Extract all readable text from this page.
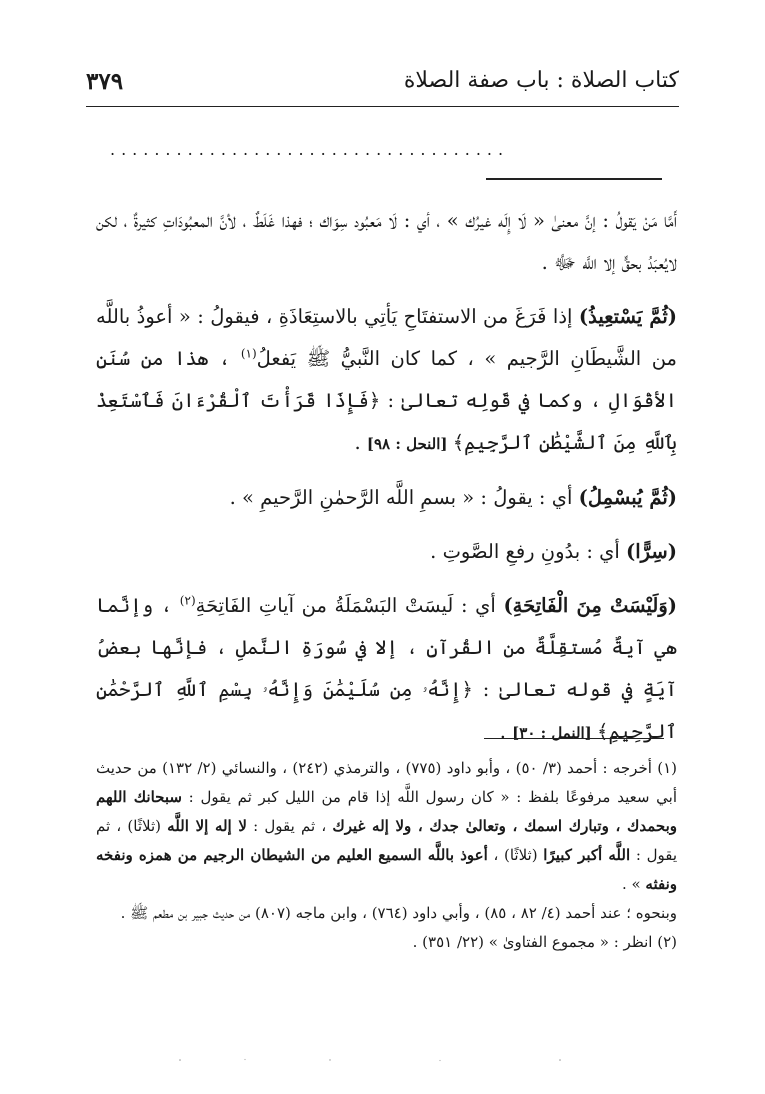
كتاب الصلاة : باب صفة الصلاة
٣٧٩
....................................

أَمَّا مَنْ يَقولُ : إنَّ معنىٰ « لَا إِلَه غيرُك » ، أي : لَا مَعبُود سِوَاك ؛ فهذا غَلَطٌ ، لأنَّ المعبُودَاتِ كثيرةٌ ، لكن لايُعبَدُ بحقٍّ إلا اللَّه ﷻ .

(ثُمَّ يَسْتعِيذُ) إذا فَرَغَ من الاستفتَاحِ يَأتِي بالاستِعَاذَةِ ، فيقولُ : « أعوذُ باللَّه من الشَّيطَانِ الرَّجيم » ، كما كان النَّبيُّ ﷺ يَفعلُ$^{(١)}$ ، هذا من سُنَنِ الأقْوَالِ ، وكما في قَولِه تعالىٰ : ﴿فَإِذَا قَرَأْتَ ٱلْقُرْءَانَ فَٱسْتَعِذْ بِٱللَّهِ مِنَ ٱلشَّيْطَٰنِ ٱلرَّجِيمِ﴾ [النحل : ٩٨] .

(ثُمَّ يُبسْمِلُ) أي : يقولُ : « بسمِ اللَّه الرَّحمٰنِ الرَّحيمِ » .

(سِرًّا) أي : بدُونِ رفعِ الصَّوتِ .

(وَلَيْسَتْ مِنَ الْفَاتِحَةِ) أي : لَيسَتْ البَسْمَلَةُ من آياتِ الفَاتِحَةِ$^{(٢)}$ ، وإنَّما هي آيةٌ مُستقِلَّةٌ من القُرآنِ ، إلا في سُورَةِ النَّملِ ، فإنَّها بعضُ آيَةٍ في قوله تعالىٰ : ﴿إِنَّهُۥ مِن سُلَيْمَٰنَ وَإِنَّهُۥ بِسْمِ ٱللَّهِ ٱلرَّحْمَٰنِ ٱلرَّحِيمِ﴾ [النمل : ٣٠] .

(١) أخرجه : أحمد (٣/ ٥٠) ، وأبو داود (٧٧٥) ، والترمذي (٢٤٢) ، والنسائي (٢/ ١٣٢) من حديث أبي سعيد مرفوعًا بلفظ : « كان رسول اللَّه إذا قام من الليل كبر ثم يقول : سبحانك اللهم وبحمدك ، وتبارك اسمك ، وتعالىٰ جدك ، ولا إله غيرك ، ثم يقول : لا إله إلا اللَّه (ثلاثًا) ، ثم يقول : اللَّه أكبر كبيرًا (ثلاثًا) ، أعوذ باللَّه السميع العليم من الشيطان الرجيم من همزه ونفخه ونفثه » .

وبنحوه ؛ عند أحمد (٤/ ٨٢ ، ٨٥) ، وأبي داود (٧٦٤) ، وابن ماجه (٨٠٧) من حديث جبير بن مطعم ﷺ .

(٢) انظر : « مجموع الفتاوىٰ » (٢٢/ ٣٥١) .
